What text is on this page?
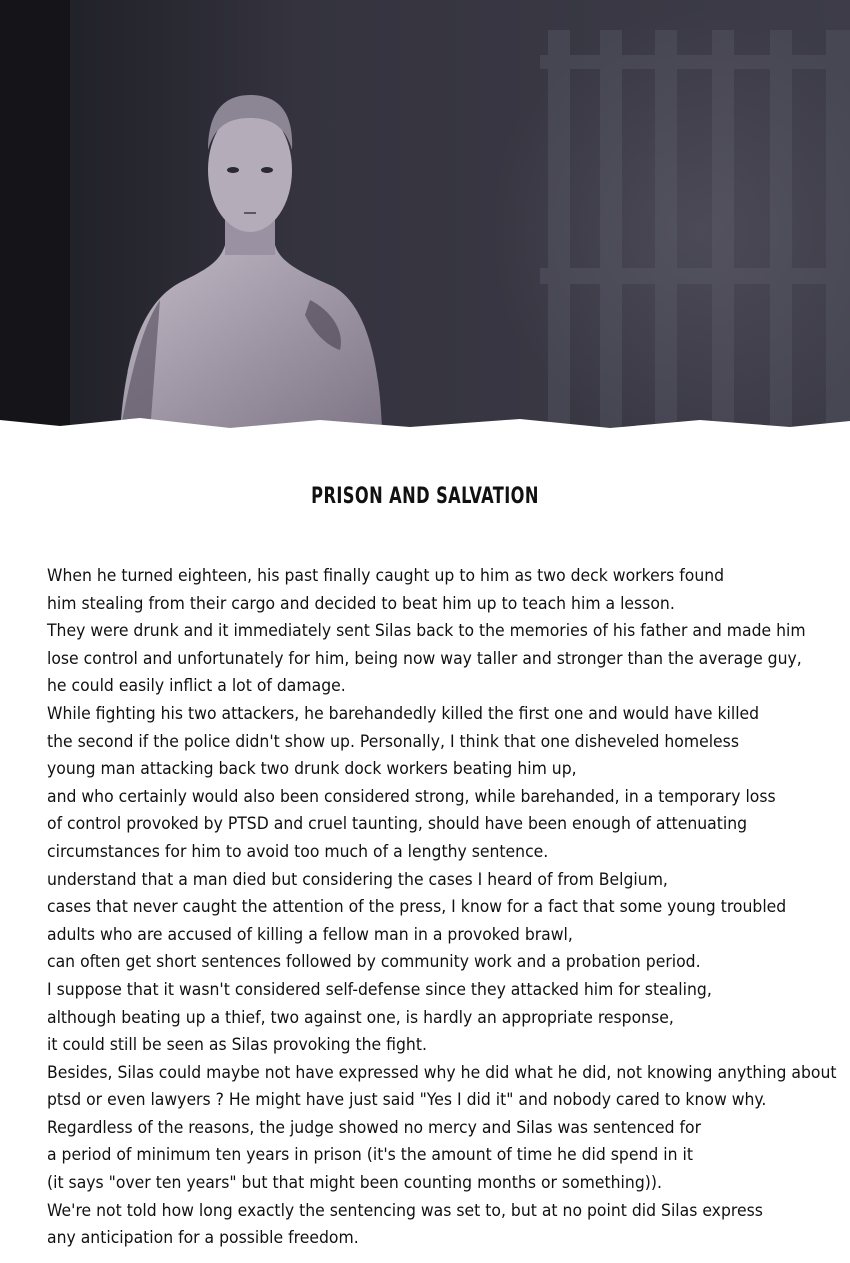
PRISON AND SALVATION
When he turned eighteen, his past finally caught up to him as two deck workers found
him stealing from their cargo and decided to beat him up to teach him a lesson.
They were drunk and it immediately sent Silas back to the memories of his father and made him
lose control and unfortunately for him, being now way taller and stronger than the average guy,
he could easily inflict a lot of damage.
While fighting his two attackers, he barehandedly killed the first one and would have killed
the second if the police didn't show up. Personally, I think that one disheveled homeless
young man attacking back two drunk dock workers beating him up,
and who certainly would also been considered strong, while barehanded, in a temporary loss
of control provoked by PTSD and cruel taunting, should have been enough of attenuating
circumstances for him to avoid too much of a lengthy sentence.
understand that a man died but considering the cases I heard of from Belgium,
cases that never caught the attention of the press, I know for a fact that some young troubled
adults who are accused of killing a fellow man in a provoked brawl,
can often get short sentences followed by community work and a probation period.
I suppose that it wasn't considered self-defense since they attacked him for stealing,
although beating up a thief, two against one, is hardly an appropriate response,
it could still be seen as Silas provoking the fight.
Besides, Silas could maybe not have expressed why he did what he did, not knowing anything about
ptsd or even lawyers ? He might have just said "Yes I did it" and nobody cared to know why.
Regardless of the reasons, the judge showed no mercy and Silas was sentenced for
a period of minimum ten years in prison (it's the amount of time he did spend in it
(it says "over ten years" but that might been counting months or something)).
We're not told how long exactly the sentencing was set to, but at no point did Silas express
any anticipation for a possible freedom.
